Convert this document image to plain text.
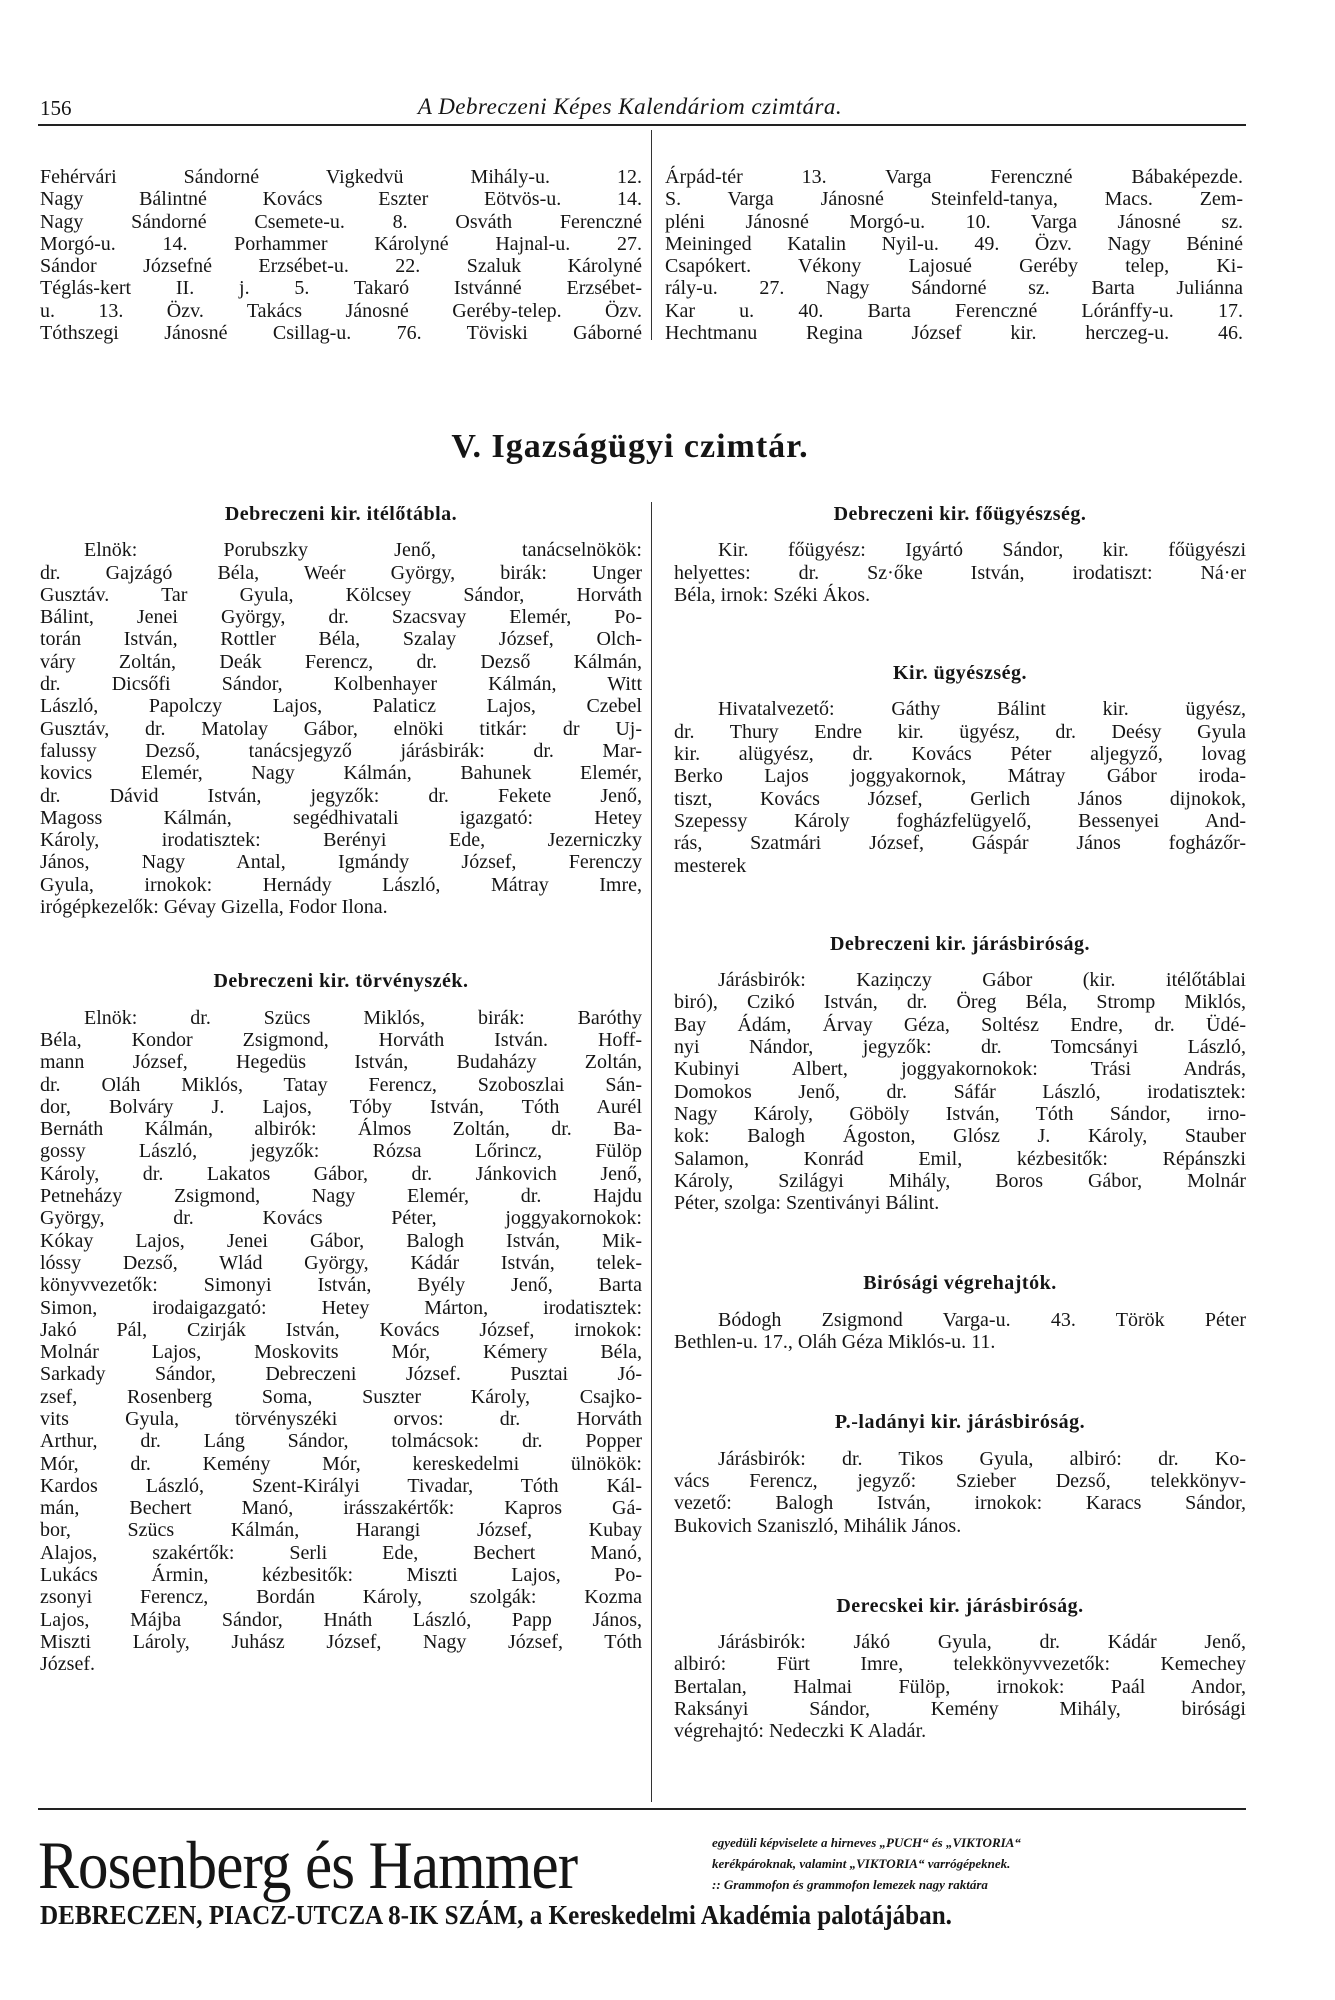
156	A Debreczeni Képes Kalendáriom czimtára.
Fehérvári Sándorné Vigkedvü Mihály-u. 12.
Nagy Bálintné Kovács Eszter Eötvös-u. 14.
Nagy Sándorné Csemete-u. 8. Osváth Ferenczné
Morgó-u. 14. Porhammer Károlyné Hajnal-u. 27.
Sándor Józsefné Erzsébet-u. 22. Szaluk Károlyné
Téglás-kert II. j. 5. Takaró Istvánné Erzsébet-
u. 13. Özv. Takács Jánosné Geréby-telep. Özv.
Tóthszegi Jánosné Csillag-u. 76. Töviski Gáborné
Árpád-tér 13. Varga Ferenczné Bábaképezde.
S. Varga Jánosné Steinfeld-tanya, Macs. Zem-
pléni Jánosné Morgó-u. 10. Varga Jánosné sz.
Meininged Katalin Nyil-u. 49. Özv. Nagy Béniné
Csapókert. Vékony Lajosué Geréby telep, Ki-
rály-u. 27. Nagy Sándorné sz. Barta Juliánna
Kar u. 40. Barta Ferenczné Lóránffy-u. 17.
Hechtmanu Regina József kir. herczeg-u. 46.
V. Igazságügyi czimtár.
Debreczeni kir. itélőtábla.
Elnök: Porubszky Jenő, tanácselnökök:
dr. Gajzágó Béla, Weér György, birák: Unger
Gusztáv. Tar Gyula, Kölcsey Sándor, Horváth
Bálint, Jenei György, dr. Szacsvay Elemér, Po-
torán István, Rottler Béla, Szalay József, Olch-
váry Zoltán, Deák Ferencz, dr. Dezső Kálmán,
dr. Dicsőfi Sándor, Kolbenhayer Kálmán, Witt
László, Papolczy Lajos, Palaticz Lajos, Czebel
Gusztáv, dr. Matolay Gábor, elnöki titkár: dr Uj-
falussy Dezső, tanácsjegyző járásbirák: dr. Mar-
kovics Elemér, Nagy Kálmán, Bahunek Elemér,
dr. Dávid István, jegyzők: dr. Fekete Jenő,
Magoss Kálmán, segédhivatali igazgató: Hetey
Károly, irodatisztek: Berényi Ede, Jezerniczky
János, Nagy Antal, Igmándy József, Ferenczy
Gyula, irnokok: Hernády László, Mátray Imre,
irógépkezelők: Gévay Gizella, Fodor Ilona.
Debreczeni kir. törvényszék.
Elnök: dr. Szücs Miklós, birák: Baróthy
Béla, Kondor Zsigmond, Horváth István. Hoff-
mann József, Hegedüs István, Budaházy Zoltán,
dr. Oláh Miklós, Tatay Ferencz, Szoboszlai Sán-
dor, Bolváry J. Lajos, Tóby István, Tóth Aurél
Bernáth Kálmán, albirók: Álmos Zoltán, dr. Ba-
gossy László, jegyzők: Rózsa Lőrincz, Fülöp
Károly, dr. Lakatos Gábor, dr. Jánkovich Jenő,
Petneházy Zsigmond, Nagy Elemér, dr. Hajdu
György, dr. Kovács Péter, joggyakornokok:
Kókay Lajos, Jenei Gábor, Balogh István, Mik-
lóssy Dezső, Wlád György, Kádár István, telek-
könyvvezetők: Simonyi István, Byély Jenő, Barta
Simon, irodaigazgató: Hetey Márton, irodatisztek:
Jakó Pál, Czirják István, Kovács József, irnokok:
Molnár Lajos, Moskovits Mór, Kémery Béla,
Sarkady Sándor, Debreczeni József. Pusztai Jó-
zsef, Rosenberg Soma, Suszter Károly, Csajko-
vits Gyula, törvényszéki orvos: dr. Horváth
Arthur, dr. Láng Sándor, tolmácsok: dr. Popper
Mór, dr. Kemény Mór, kereskedelmi ülnökök:
Kardos László, Szent-Királyi Tivadar, Tóth Kál-
mán, Bechert Manó, irásszakértők: Kapros Gá-
bor, Szücs Kálmán, Harangi József, Kubay
Alajos, szakértők: Serli Ede, Bechert Manó,
Lukács Ármin, kézbesitők: Miszti Lajos, Po-
zsonyi Ferencz, Bordán Károly, szolgák: Kozma
Lajos, Májba Sándor, Hnáth László, Papp János,
Miszti Lároly, Juhász József, Nagy József, Tóth
József.
Debreczeni kir. főügyészség.
Kir. főügyész: Igyártó Sándor, kir. főügyészi
helyettes: dr. Sz·őke István, irodatiszt: Ná·er
Béla, irnok: Széki Ákos.
Kir. ügyészség.
Hivatalvezető: Gáthy Bálint kir. ügyész,
dr. Thury Endre kir. ügyész, dr. Deésy Gyula
kir. alügyész, dr. Kovács Péter aljegyző, lovag
Berko Lajos joggyakornok, Mátray Gábor iroda-
tiszt, Kovács József, Gerlich János dijnokok,
Szepessy Károly fogházfelügyelő, Bessenyei And-
rás, Szatmári József, Gáspár János fogházőr-
mesterek
Debreczeni kir. járásbiróság.
Járásbirók: Kaziņczy Gábor (kir. itélőtáblai
biró), Czikó István, dr. Öreg Béla, Stromp Miklós,
Bay Ádám, Árvay Géza, Soltész Endre, dr. Üdé-
nyi Nándor, jegyzők: dr. Tomcsányi László,
Kubinyi Albert, joggyakornokok: Trási András,
Domokos Jenő, dr. Sáfár László, irodatisztek:
Nagy Károly, Göböly István, Tóth Sándor, irno-
kok: Balogh Ágoston, Glósz J. Károly, Stauber
Salamon, Konrád Emil, kézbesitők: Répánszki
Károly, Szilágyi Mihály, Boros Gábor, Molnár
Péter, szolga: Szentiványi Bálint.
Birósági végrehajtók.
Bódogh Zsigmond Varga-u. 43. Török Péter
Bethlen-u. 17., Oláh Géza Miklós-u. 11.
P.-ladányi kir. járásbiróság.
Járásbirók: dr. Tikos Gyula, albiró: dr. Ko-
vács Ferencz, jegyző: Szieber Dezső, telekkönyv-
vezető: Balogh István, irnokok: Karacs Sándor,
Bukovich Szaniszló, Mihálik János.
Derecskei kir. járásbiróság.
Járásbirók: Jákó Gyula, dr. Kádár Jenő,
albiró: Fürt Imre, telekkönyvvezetők: Kemechey
Bertalan, Halmai Fülöp, irnokok: Paál Andor,
Raksányi Sándor, Kemény Mihály, birósági
végrehajtó: Nedeczki K Aladár.
Rosenberg és Hammer	egyedüli képviselete a hirneves „PUCH“ és „VIKTORIA“
kerékpároknak, valamint „VIKTORIA“ varrógépeknek.
:: Grammofon és grammofon lemezek nagy raktára
DEBRECZEN, PIACZ-UTCZA 8-IK SZÁM, a Kereskedelmi Akadémia palotájában.
